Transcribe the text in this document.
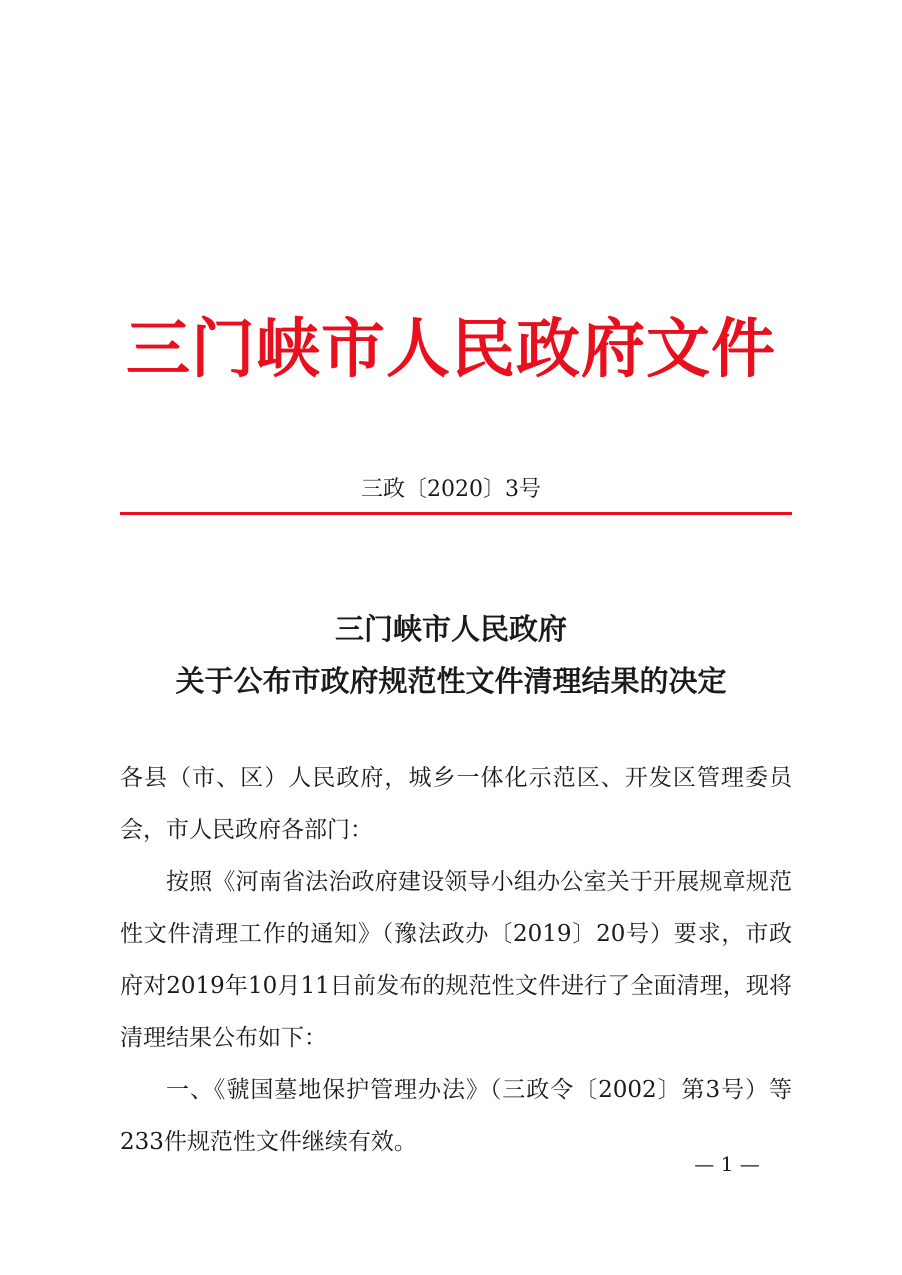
三门峡市人民政府文件
三政〔2020〕3号
三门峡市人民政府
关于公布市政府规范性文件清理结果的决定

各县（市、区）人民政府，城乡一体化示范区、开发区管理委员会，市人民政府各部门：

按照《河南省法治政府建设领导小组办公室关于开展规章规范性文件清理工作的通知》（豫法政办〔2019〕20号）要求，市政府对2019年10月11日前发布的规范性文件进行了全面清理，现将清理结果公布如下：

一、《虢国墓地保护管理办法》（三政令〔2002〕第3号）等233件规范性文件继续有效。

— 1 —
